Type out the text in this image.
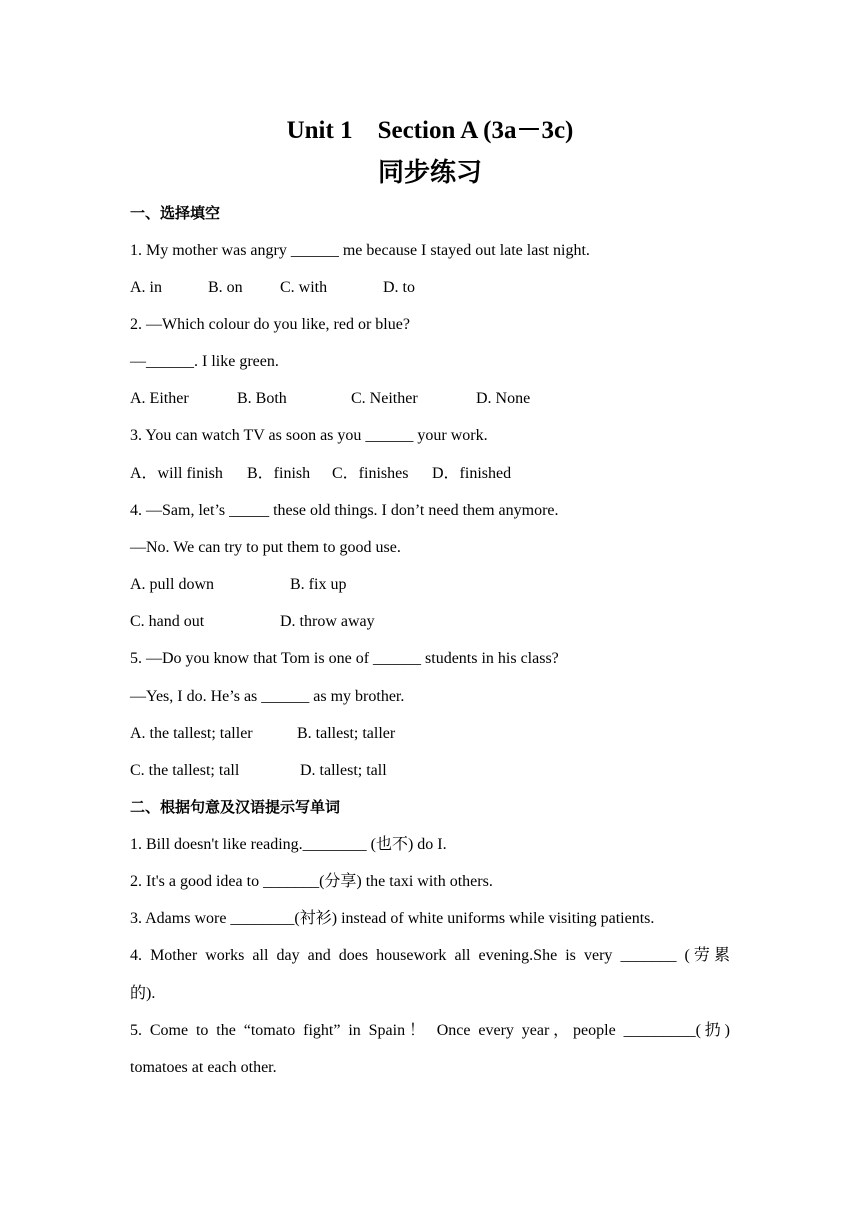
Unit 1    Section A (3a－3c)
同步练习
一、选择填空
1. My mother was angry ______ me because I stayed out late last night.
A. in	B. on C. with	D. to
2. —Which colour do you like, red or blue?
—______. I like green.
A. Either	B. Both	C. Neither	D. None
3. You can watch TV as soon as you ______ your work.
A．will finish B．finish C．finishes D．finished
4. —Sam, let’s _____ these old things. I don’t need them anymore.
—No. We can try to put them to good use.
A. pull down	B. fix up
C. hand out	D. throw away
5. —Do you know that Tom is one of ______ students in his class?
—Yes, I do. He’s as ______ as my brother.
A. the tallest; taller	B. tallest; taller
C. the tallest; tall	D. tallest; tall
二、根据句意及汉语提示写单词
1. Bill doesn't like reading.________ (也不) do I.
2. It's a good idea to _______(分享) the taxi with others.
3. Adams wore ________(衬衫) instead of white uniforms while visiting patients.
4. Mother works all day and does housework all evening.She is very _______ (劳累
的).
5. Come to the “tomato fight” in Spain！ Once every year，people _________(扔)
tomatoes at each other.
